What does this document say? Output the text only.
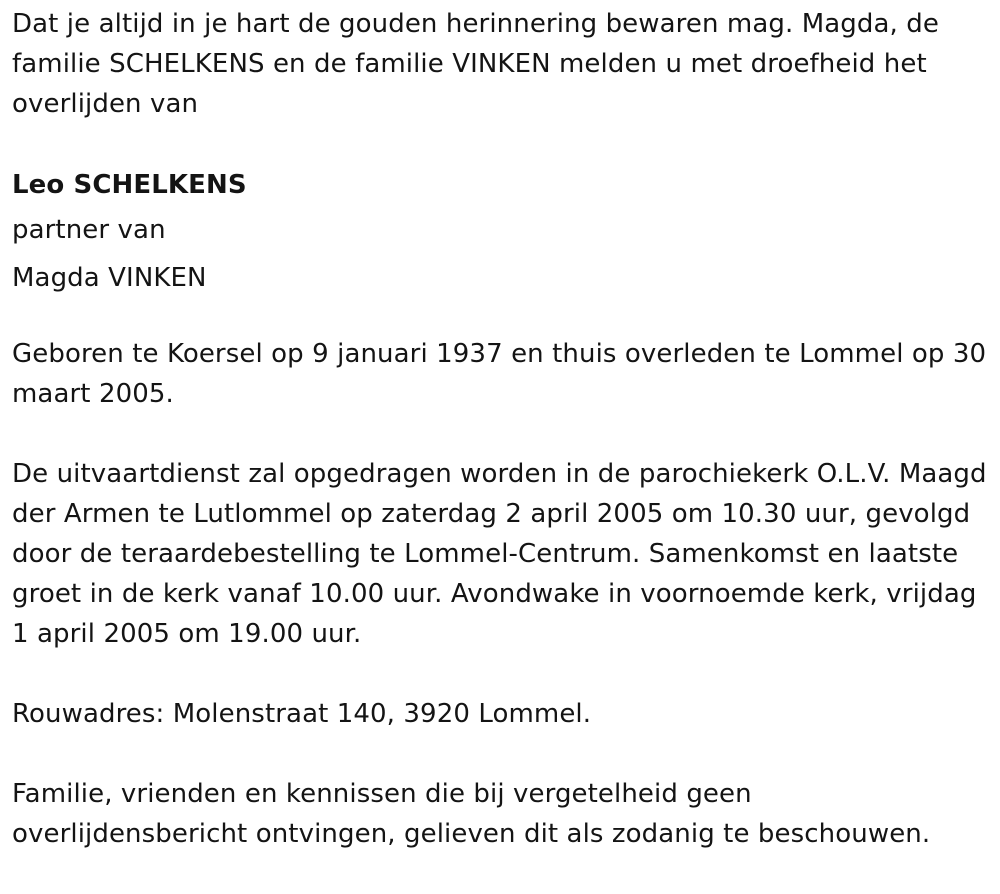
Dat je altijd in je hart de gouden herinnering bewaren mag. Magda, de familie SCHELKENS en de familie VINKEN melden u met droefheid het overlijden van

Leo SCHELKENS

partner van

Magda VINKEN

Geboren te Koersel op 9 januari 1937 en thuis overleden te Lommel op 30 maart 2005.

De uitvaartdienst zal opgedragen worden in de parochiekerk O.L.V. Maagd der Armen te Lutlommel op zaterdag 2 april 2005 om 10.30 uur, gevolgd door de teraardebestelling te Lommel-Centrum. Samenkomst en laatste groet in de kerk vanaf 10.00 uur. Avondwake in voornoemde kerk, vrijdag 1 april 2005 om 19.00 uur.

Rouwadres: Molenstraat 140, 3920 Lommel.

Familie, vrienden en kennissen die bij vergetelheid geen overlijdensbericht ontvingen, gelieven dit als zodanig te beschouwen.
